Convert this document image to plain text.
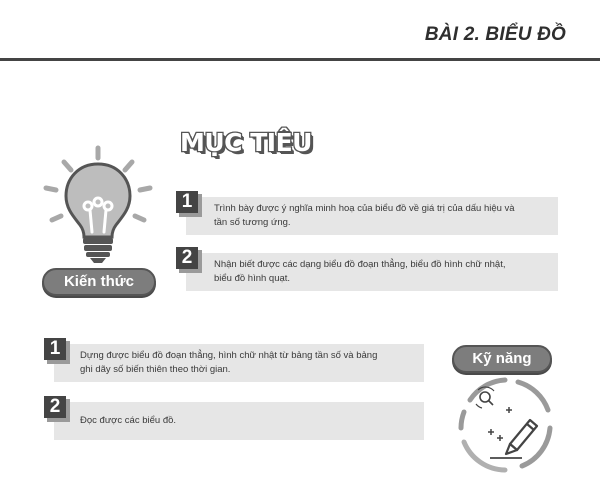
BÀI 2. BIỂU ĐỒ
Kiến thức
MỤC TIÊU
Trình bày được ý nghĩa minh hoạ của biểu đồ về giá trị của dấu hiệu và
tần số tương ứng.
1
Nhận biết được các dạng biểu đồ đoạn thẳng, biểu đồ hình chữ nhật,
biểu đồ hình quạt.
2
Dựng được biểu đồ đoạn thẳng, hình chữ nhật từ bảng tần số và bảng
ghi dãy số biến thiên theo thời gian.
1
Đọc được các biểu đồ.
2
Kỹ năng
